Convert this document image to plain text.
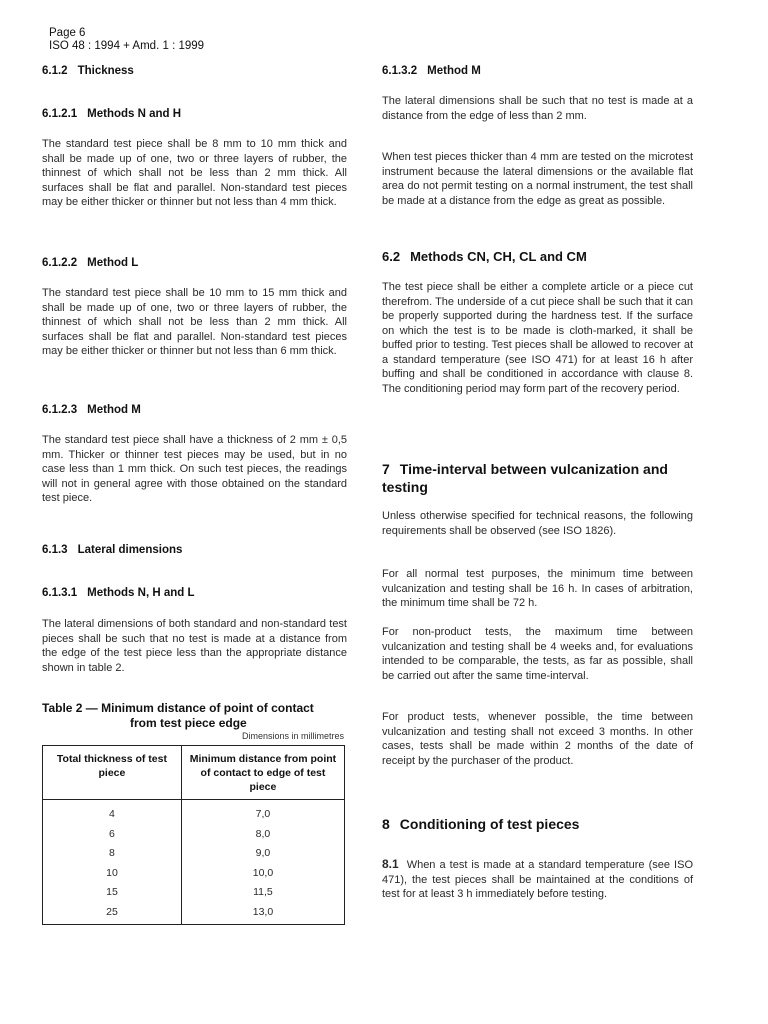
Page 6
ISO 48 : 1994 + Amd. 1 : 1999
6.1.2 Thickness
6.1.2.1 Methods N and H
The standard test piece shall be 8 mm to 10 mm thick and shall be made up of one, two or three layers of rubber, the thinnest of which shall not be less than 2 mm thick. All surfaces shall be flat and parallel. Non-standard test pieces may be either thicker or thinner but not less than 4 mm thick.
6.1.2.2 Method L
The standard test piece shall be 10 mm to 15 mm thick and shall be made up of one, two or three layers of rubber, the thinnest of which shall not be less than 2 mm thick. All surfaces shall be flat and parallel. Non-standard test pieces may be either thicker or thinner but not less than 6 mm thick.
6.1.2.3 Method M
The standard test piece shall have a thickness of 2 mm ± 0,5 mm. Thicker or thinner test pieces may be used, but in no case less than 1 mm thick. On such test pieces, the readings will not in general agree with those obtained on the standard test piece.
6.1.3 Lateral dimensions
6.1.3.1 Methods N, H and L
The lateral dimensions of both standard and non-standard test pieces shall be such that no test is made at a distance from the edge of the test piece less than the appropriate distance shown in table 2.
Table 2 — Minimum distance of point of contact
from test piece edge
Dimensions in millimetres
Total thickness of test piece	Minimum distance from point of contact to edge of test piece
4	7,0
6	8,0
8	9,0
10	10,0
15	11,5
25	13,0
6.1.3.2 Method M
The lateral dimensions shall be such that no test is made at a distance from the edge of less than 2 mm.
When test pieces thicker than 4 mm are tested on the microtest instrument because the lateral dimensions or the available flat area do not permit testing on a normal instrument, the test shall be made at a distance from the edge as great as possible.
6.2 Methods CN, CH, CL and CM
The test piece shall be either a complete article or a piece cut therefrom. The underside of a cut piece shall be such that it can be properly supported during the hardness test. If the surface on which the test is to be made is cloth-marked, it shall be buffed prior to testing. Test pieces shall be allowed to recover at a standard temperature (see ISO 471) for at least 16 h after buffing and shall be conditioned in accordance with clause 8. The conditioning period may form part of the recovery period.
7 Time-interval between vulcanization and testing
Unless otherwise specified for technical reasons, the following requirements shall be observed (see ISO 1826).
For all normal test purposes, the minimum time between vulcanization and testing shall be 16 h. In cases of arbitration, the minimum time shall be 72 h.
For non-product tests, the maximum time between vulcanization and testing shall be 4 weeks and, for evaluations intended to be comparable, the tests, as far as possible, shall be carried out after the same time-interval.
For product tests, whenever possible, the time between vulcanization and testing shall not exceed 3 months. In other cases, tests shall be made within 2 months of the date of receipt by the purchaser of the product.
8 Conditioning of test pieces
8.1 When a test is made at a standard temperature (see ISO 471), the test pieces shall be maintained at the conditions of test for at least 3 h immediately before testing.
